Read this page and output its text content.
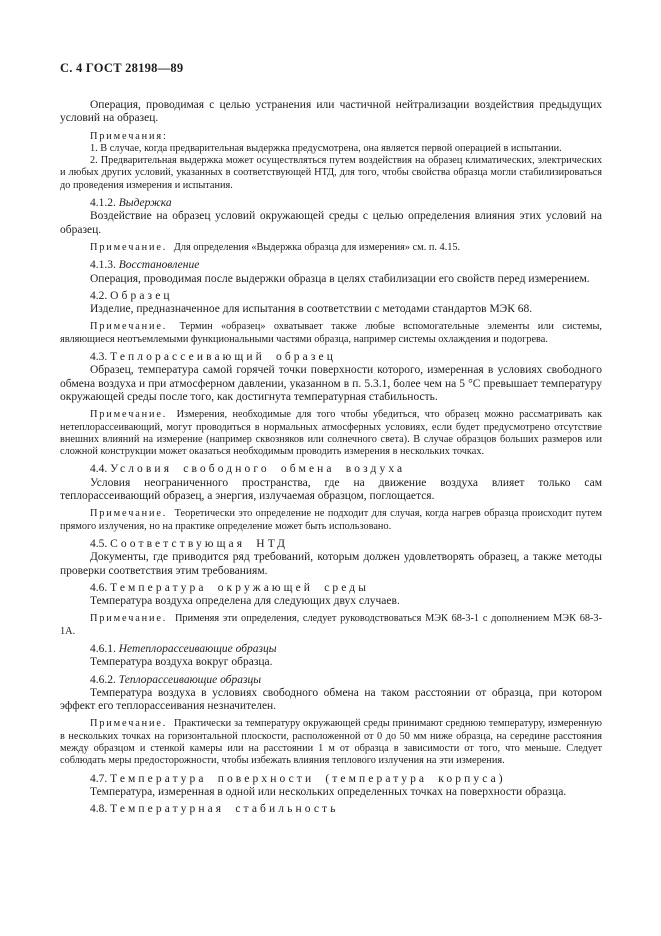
С. 4 ГОСТ 28198—89

Операция, проводимая с целью устранения или частичной нейтрализации воздействия предыдущих условий на образец.

Примечания:

1. В случае, когда предварительная выдержка предусмотрена, она является первой операцией в испытании.

2. Предварительная выдержка может осуществляться путем воздействия на образец климатических, электрических и любых других условий, указанных в соответствующей НТД, для того, чтобы свойства образца могли стабилизироваться до проведения измерения и испытания.

4.1.2. Выдержка

Воздействие на образец условий окружающей среды с целью определения влияния этих условий на образец.

Примечание. Для определения «Выдержка образца для измерения» см. п. 4.15.

4.1.3. Восстановление

Операция, проводимая после выдержки образца в целях стабилизации его свойств перед измерением.

4.2. Образец

Изделие, предназначенное для испытания в соответствии с методами стандартов МЭК 68.

Примечание. Термин «образец» охватывает также любые вспомогательные элементы или системы, являющиеся неотъемлемыми функциональными частями образца, например системы охлаждения и подогрева.

4.3. Теплорассеивающий образец

Образец, температура самой горячей точки поверхности которого, измеренная в условиях свободного обмена воздуха и при атмосферном давлении, указанном в п. 5.3.1, более чем на 5 °С превышает температуру окружающей среды после того, как достигнута температурная стабильность.

Примечание. Измерения, необходимые для того чтобы убедиться, что образец можно рассматривать как нетеплорассеивающий, могут проводиться в нормальных атмосферных условиях, если будет предусмотрено отсутствие внешних влияний на измерение (например сквозняков или солнечного света). В случае образцов больших размеров или сложной конструкции может оказаться необходимым проводить измерения в нескольких точках.

4.4. Условия свободного обмена воздуха

Условия неограниченного пространства, где на движение воздуха влияет только сам теплорассеивающий образец, а энергия, излучаемая образцом, поглощается.

Примечание. Теоретически это определение не подходит для случая, когда нагрев образца происходит путем прямого излучения, но на практике определение может быть использовано.

4.5. Соответствующая НТД

Документы, где приводится ряд требований, которым должен удовлетворять образец, а также методы проверки соответствия этим требованиям.

4.6. Температура окружающей среды

Температура воздуха определена для следующих двух случаев.

Примечание. Применяя эти определения, следует руководствоваться МЭК 68-3-1 с дополнением МЭК 68-3-1А.

4.6.1. Нетеплорассеивающие образцы

Температура воздуха вокруг образца.

4.6.2. Теплорассеивающие образцы

Температура воздуха в условиях свободного обмена на таком расстоянии от образца, при котором эффект его теплорассеивания незначителен.

Примечание. Практически за температуру окружающей среды принимают среднюю температуру, измеренную в нескольких точках на горизонтальной плоскости, расположенной от 0 до 50 мм ниже образца, на середине расстояния между образцом и стенкой камеры или на расстоянии 1 м от образца в зависимости от того, что меньше. Следует соблюдать меры предосторожности, чтобы избежать влияния теплового излучения на эти измерения.

4.7. Температура поверхности (температура корпуса)

Температура, измеренная в одной или нескольких определенных точках на поверхности образца.

4.8. Температурная стабильность
